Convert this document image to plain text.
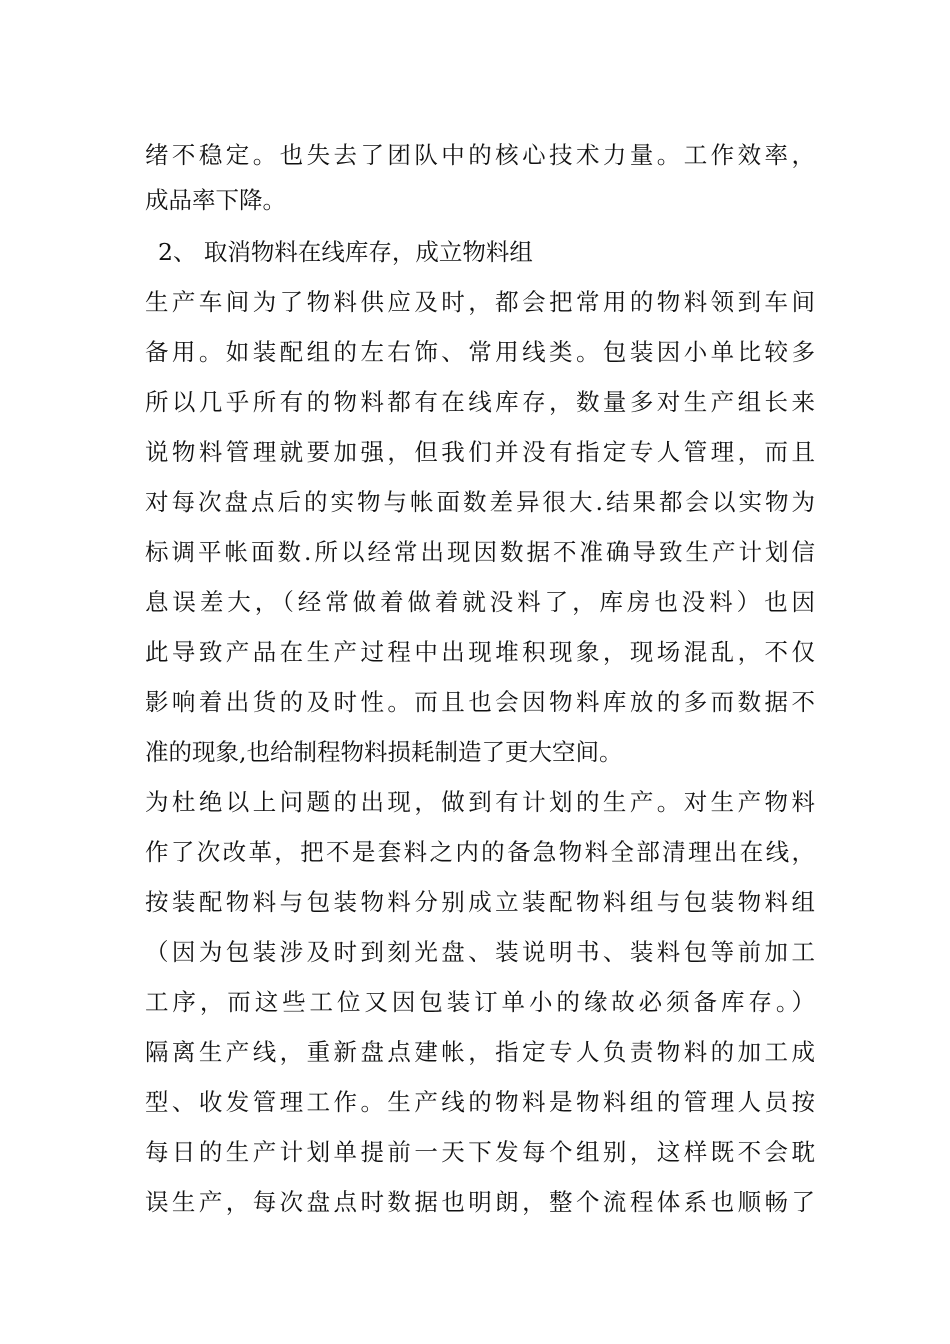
绪不稳定。也失去了团队中的核心技术力量。工作效率，
成品率下降。
2、 取消物料在线库存，成立物料组
生产车间为了物料供应及时，都会把常用的物料领到车间
备用。如装配组的左右饰、常用线类。包装因小单比较多
所以几乎所有的物料都有在线库存，数量多对生产组长来
说物料管理就要加强，但我们并没有指定专人管理，而且
对每次盘点后的实物与帐面数差异很大.结果都会以实物为
标调平帐面数.所以经常出现因数据不准确导致生产计划信
息误差大，（经常做着做着就没料了，库房也没料）也因
此导致产品在生产过程中出现堆积现象，现场混乱，不仅
影响着出货的及时性。而且也会因物料库放的多而数据不
准的现象,也给制程物料损耗制造了更大空间。
为杜绝以上问题的出现，做到有计划的生产。对生产物料
作了次改革，把不是套料之内的备急物料全部清理出在线，
按装配物料与包装物料分别成立装配物料组与包装物料组
（因为包装涉及时到刻光盘、装说明书、装料包等前加工
工序，而这些工位又因包装订单小的缘故必须备库存。）
隔离生产线，重新盘点建帐，指定专人负责物料的加工成
型、收发管理工作。生产线的物料是物料组的管理人员按
每日的生产计划单提前一天下发每个组别，这样既不会耽
误生产，每次盘点时数据也明朗，整个流程体系也顺畅了
